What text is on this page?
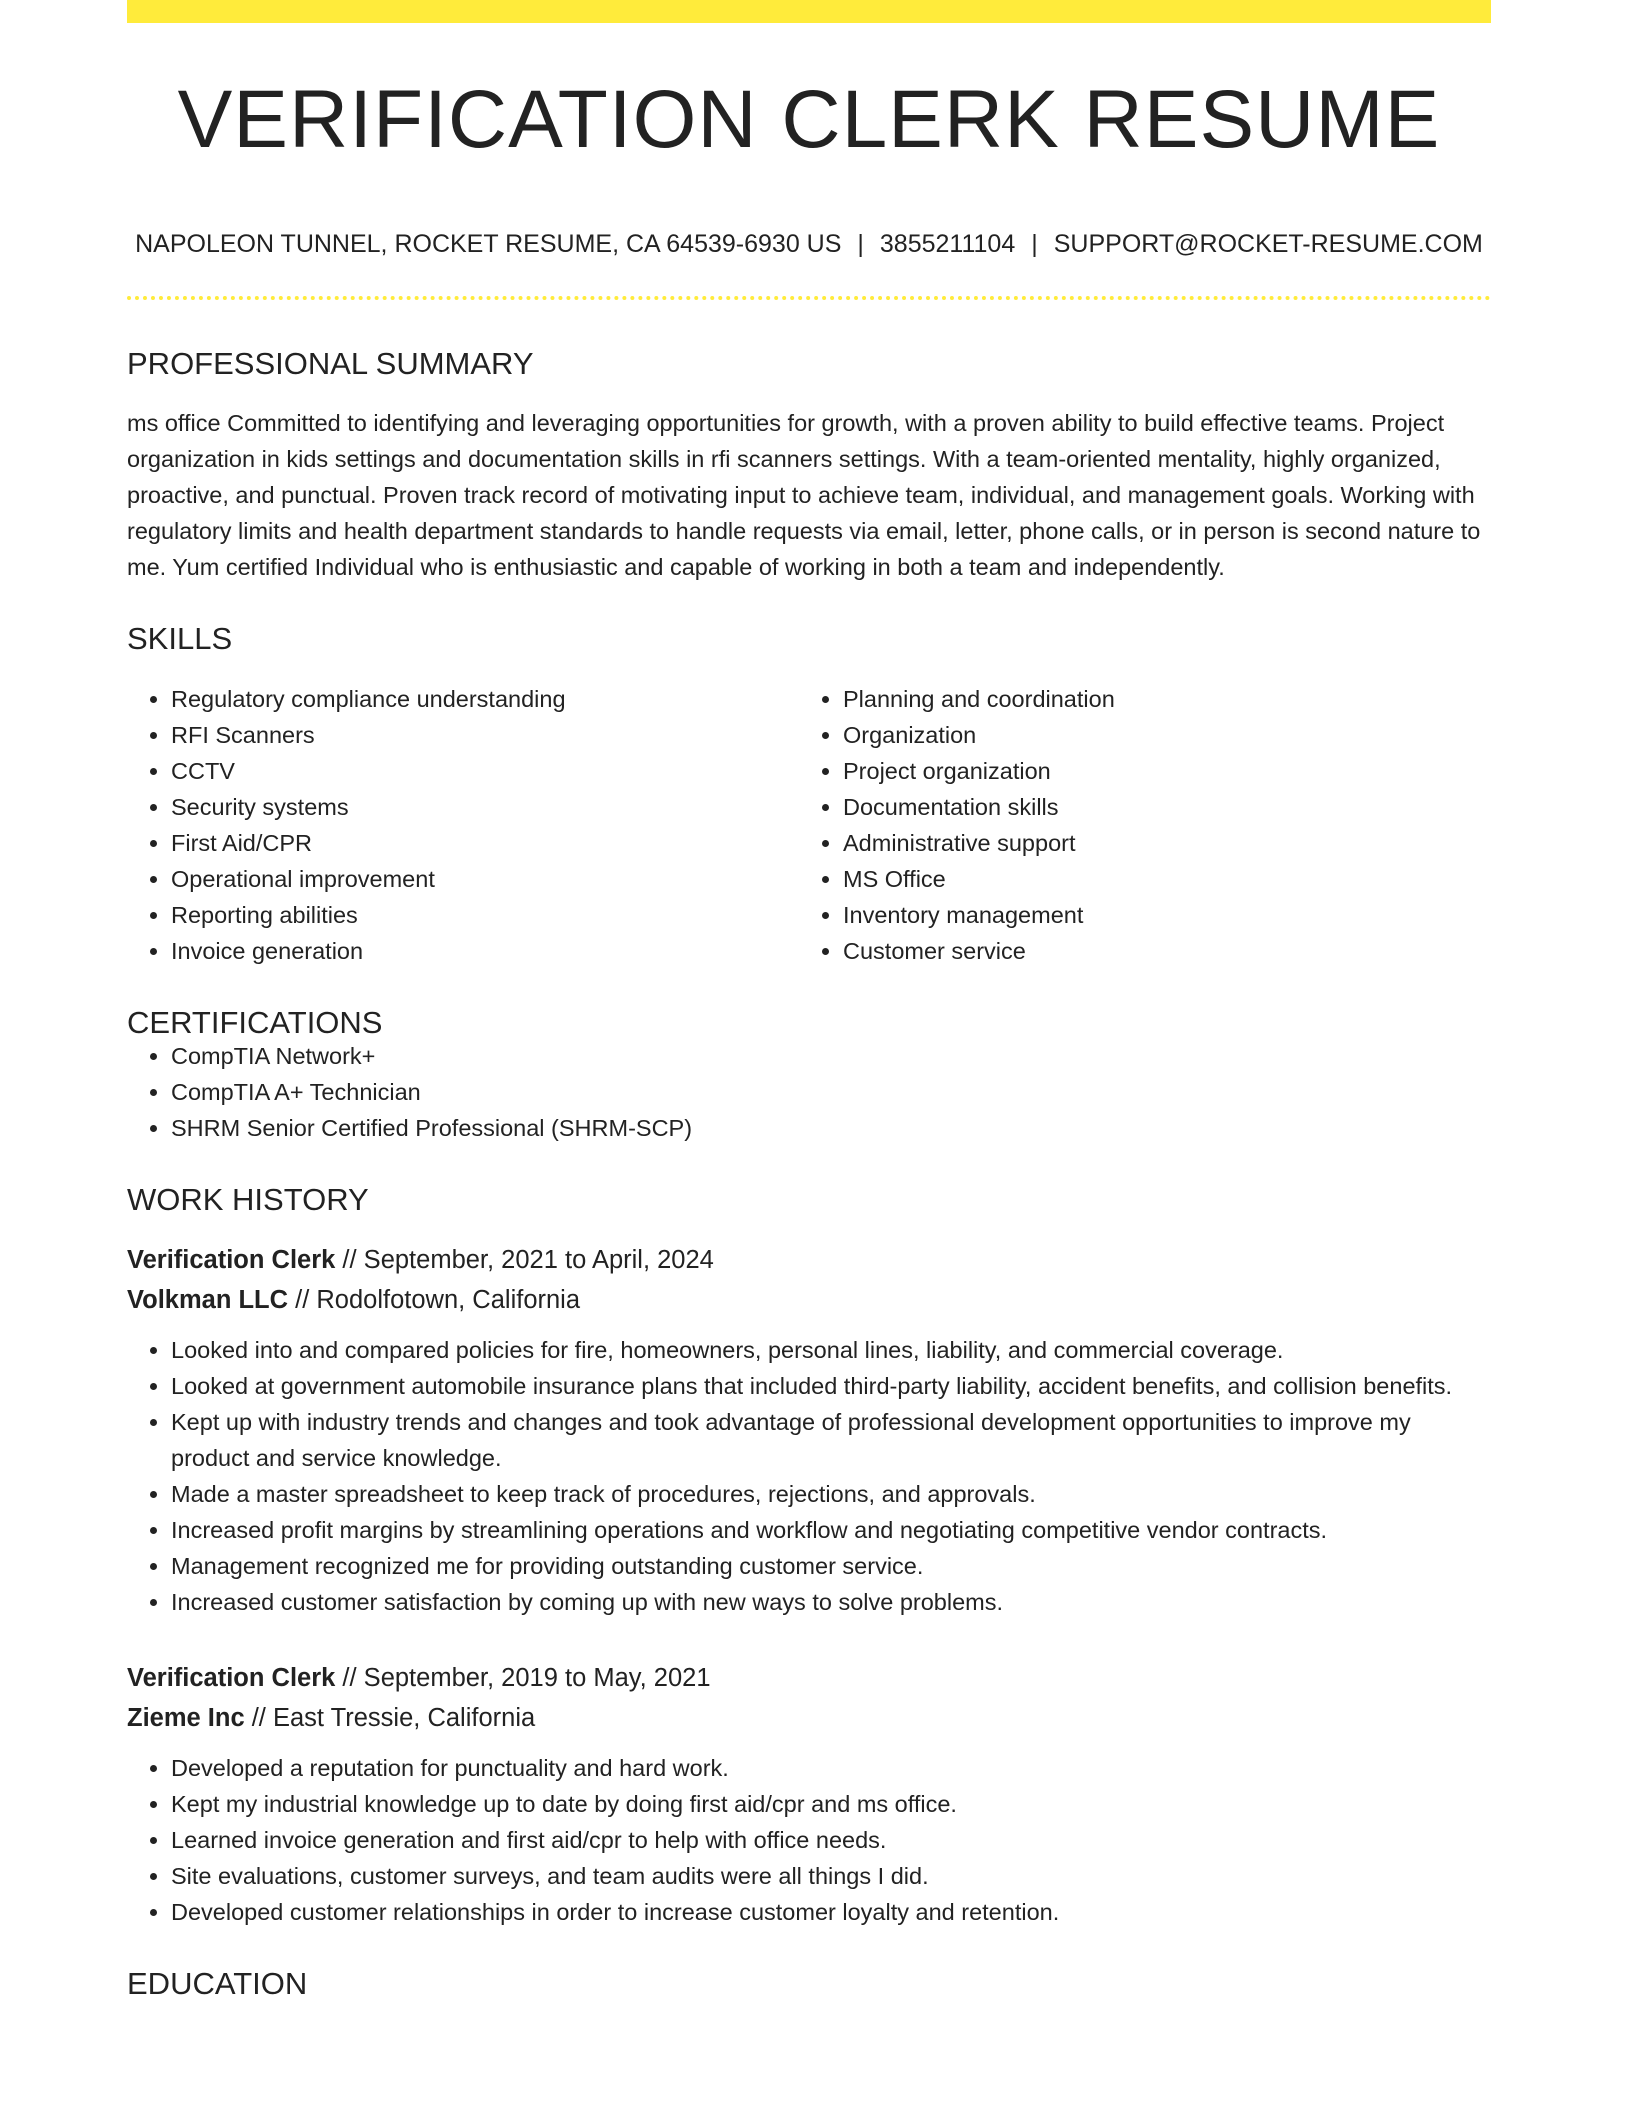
VERIFICATION CLERK RESUME
NAPOLEON TUNNEL, ROCKET RESUME, CA 64539-6930 US | 3855211104 | SUPPORT@ROCKET-RESUME.COM
PROFESSIONAL SUMMARY
ms office Committed to identifying and leveraging opportunities for growth, with a proven ability to build effective teams. Project organization in kids settings and documentation skills in rfi scanners settings. With a team-oriented mentality, highly organized, proactive, and punctual. Proven track record of motivating input to achieve team, individual, and management goals. Working with regulatory limits and health department standards to handle requests via email, letter, phone calls, or in person is second nature to me. Yum certified Individual who is enthusiastic and capable of working in both a team and independently.
SKILLS
• Regulatory compliance understanding
• RFI Scanners
• CCTV
• Security systems
• First Aid/CPR
• Operational improvement
• Reporting abilities
• Invoice generation
• Planning and coordination
• Organization
• Project organization
• Documentation skills
• Administrative support
• MS Office
• Inventory management
• Customer service
CERTIFICATIONS
• CompTIA Network+
• CompTIA A+ Technician
• SHRM Senior Certified Professional (SHRM-SCP)
WORK HISTORY
Verification Clerk // September, 2021 to April, 2024
Volkman LLC // Rodolfotown, California
• Looked into and compared policies for fire, homeowners, personal lines, liability, and commercial coverage.
• Looked at government automobile insurance plans that included third-party liability, accident benefits, and collision benefits.
• Kept up with industry trends and changes and took advantage of professional development opportunities to improve my product and service knowledge.
• Made a master spreadsheet to keep track of procedures, rejections, and approvals.
• Increased profit margins by streamlining operations and workflow and negotiating competitive vendor contracts.
• Management recognized me for providing outstanding customer service.
• Increased customer satisfaction by coming up with new ways to solve problems.
Verification Clerk // September, 2019 to May, 2021
Zieme Inc // East Tressie, California
• Developed a reputation for punctuality and hard work.
• Kept my industrial knowledge up to date by doing first aid/cpr and ms office.
• Learned invoice generation and first aid/cpr to help with office needs.
• Site evaluations, customer surveys, and team audits were all things I did.
• Developed customer relationships in order to increase customer loyalty and retention.
EDUCATION
